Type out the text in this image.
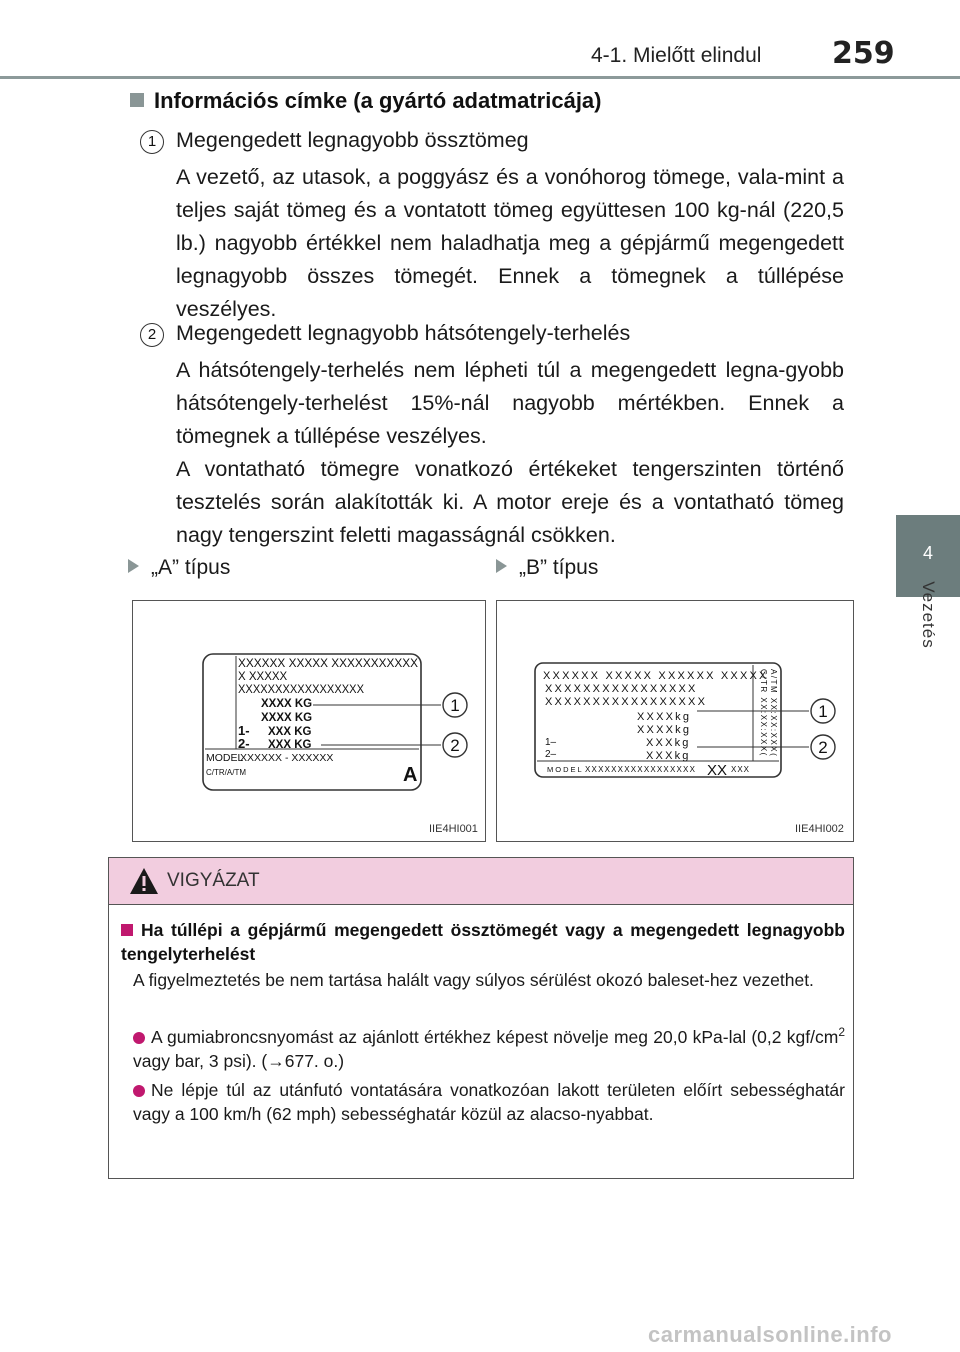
4-1. Mielőtt elindul 259
4
Vezetés
Információs címke (a gyártó adatmatricája)
1 Megengedett legnagyobb össztömeg
A vezető, az utasok, a poggyász és a vonóhorog tömege, vala-mint a teljes saját tömeg és a vontatott tömeg együttesen 100 kg-nál (220,5 lb.) nagyobb értékkel nem haladhatja meg a gépjármű megengedett legnagyobb összes tömegét. Ennek a tömegnek a túllépése veszélyes.
2 Megengedett legnagyobb hátsótengely-terhelés
A hátsótengely-terhelés nem lépheti túl a megengedett legna-gyobb hátsótengely-terhelést 15%-nál nagyobb mértékben. Ennek a tömegnek a túllépése veszélyes.
A vontatható tömegre vonatkozó értékeket tengerszinten történő tesztelés során alakították ki. A motor ereje és a vontatható tömeg nagy tengerszint feletti magasságnál csökken.
„A” típus	„B” típus
XXXXXX XXXXX XXXXXXXXXXX
X XXXXX
XXXXXXXXXXXXXXXXX
XXXX KG
XXXX KG
XXX KG
XXX KG
1-
2-
MODEL
XXXXXX - XXXXXX
C/TR/A/TM	A
1
2
IIE4HI001
XXXXXX XXXXX XXXXXX XXXXX
XXXXXXXXXXXXXXXX
XXXXXXXXXXXXXXXXX
XXXXkg
XXXXkg
XXXkg
XXXkg
1–
2–
MODEL XXXXXXXXXXXXXXXXX XX XXX
C/TR XX:XX:XXX( A/TM XX:XX:XXX( 1
2
IIE4HI002
VIGYÁZAT
Ha túllépi a gépjármű megengedett össztömegét vagy a megengedett legnagyobb tengelyterhelést
A figyelmeztetés be nem tartása halált vagy súlyos sérülést okozó baleset-hez vezethet.
A gumiabroncsnyomást az ajánlott értékhez képest növelje meg 20,0 kPa-lal (0,2 kgf/$cm^2$ vagy bar, 3 psi). (→677. o.)
Ne lépje túl az utánfutó vontatására vonatkozóan lakott területen előírt sebességhatár vagy a 100 km/h (62 mph) sebességhatár közül az alacso-nyabbat.
carmanualsonline.info
